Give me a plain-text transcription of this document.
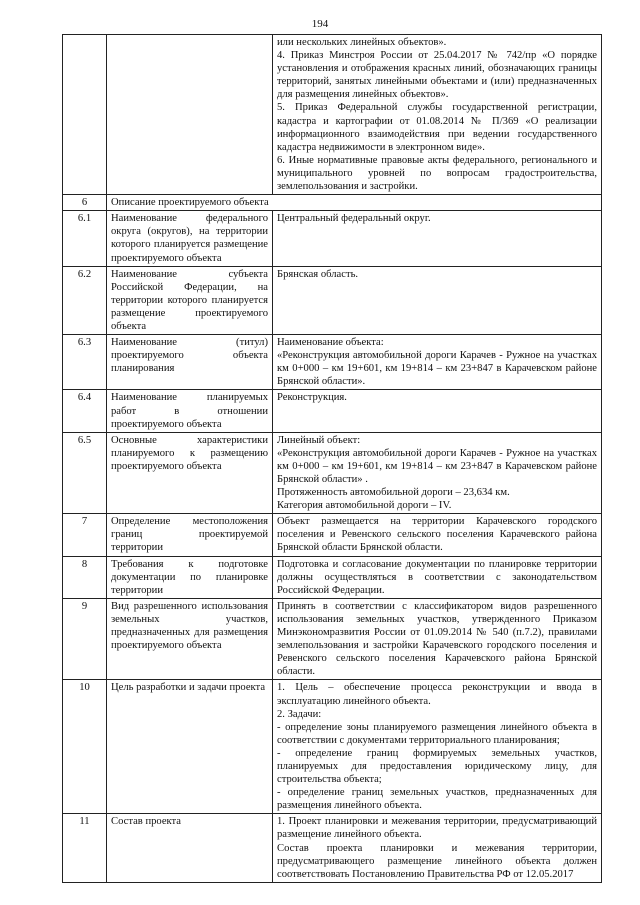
194

		или нескольких линейных объектов».
4. Приказ Минстроя России от 25.04.2017 № 742/пр «О порядке установления и отображения красных линий, обозначающих границы территорий, занятых линейными объектами и (или) предназначенных для размещения линейных объектов».
5. Приказ Федеральной службы государственной регистрации, кадастра и картографии от 01.08.2014 № П/369 «О реализации информационного взаимодействия при ведении государственного кадастра недвижимости в электронном виде».
6. Иные нормативные правовые акты федерального, регионального и муниципального уровней по вопросам градостроительства, землепользования и застройки.

6	Описание проектируемого объекта	
6.1	Наименование федерального округа (округов), на территории которого планируется размещение проектируемого объекта	Центральный федеральный округ.

6.2	Наименование субъекта Российской Федерации, на территории которого планируется размещение проектируемого объекта	Брянская область.

6.3	Наименование (титул) проектируемого объекта планирования	Наименование объекта:
«Реконструкция автомобильной дороги Карачев - Ружное на участках км 0+000 – км 19+601, км 19+814 – км 23+847 в Карачевском районе Брянской области».

6.4	Наименование планируемых работ в отношении проектируемого объекта	Реконструкция.

6.5	Основные характеристики планируемого к размещению проектируемого объекта	Линейный объект:
«Реконструкция автомобильной дороги Карачев - Ружное на участках км 0+000 – км 19+601, км 19+814 – км 23+847 в Карачевском районе Брянской области» .
Протяженность автомобильной дороги – 23,634 км.
Категория автомобильной дороги – IV.

7	Определение местоположения границ проектируемой территории	Объект размещается на территории Карачевского городского поселения и Ревенского сельского поселения Карачевского района Брянской области Брянской области.

8	Требования к подготовке документации по планировке территории	Подготовка и согласование документации по планировке территории должны осуществляться в соответствии с законодательством Российской Федерации.

9	Вид разрешенного использования земельных участков, предназначенных для размещения проектируемого объекта	Принять в соответствии с классификатором видов разрешенного использования земельных участков, утвержденного Приказом Минэкономразвития России от 01.09.2014 № 540 (п.7.2), правилами землепользования и застройки Карачевского городского поселения и Ревенского сельского поселения Карачевского района Брянской области.

10	Цель разработки и задачи проекта	1. Цель – обеспечение процесса реконструкции и ввода в эксплуатацию линейного объекта.
2. Задачи:
- определение зоны планируемого размещения линейного объекта в соответствии с документами территориального планирования;
- определение границ формируемых земельных участков, планируемых для предоставления юридическому лицу, для строительства объекта;
- определение границ земельных участков, предназначенных для размещения линейного объекта.

11	Состав проекта	1. Проект планировки и межевания территории, предусматривающий размещение линейного объекта.
Состав проекта планировки и межевания территории, предусматривающего размещение линейного объекта должен соответствовать Постановлению Правительства РФ от 12.05.2017
